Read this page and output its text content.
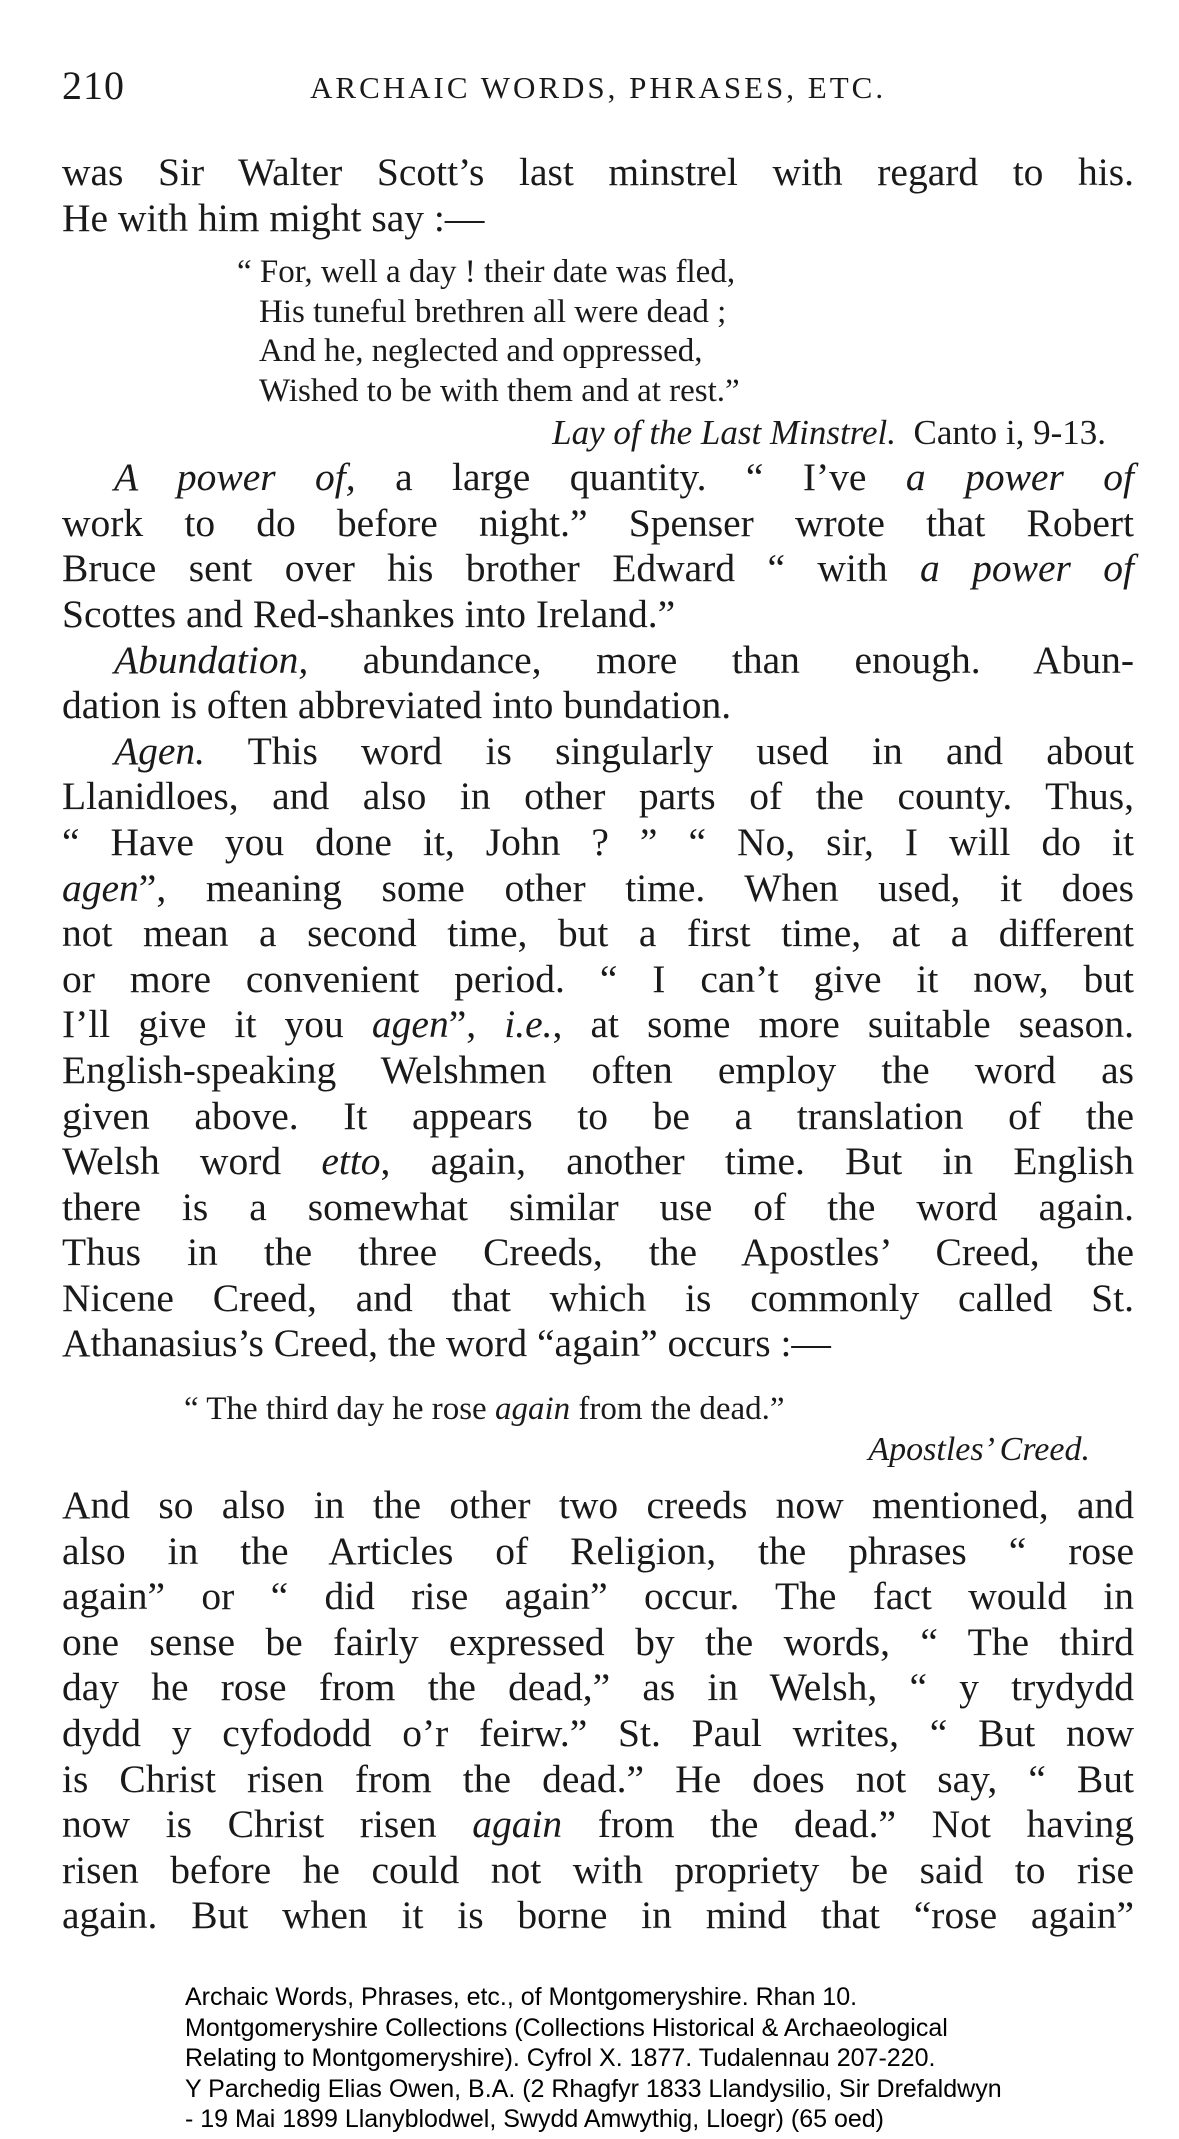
210	ARCHAIC WORDS, PHRASES, ETC.
was Sir Walter Scott’s last minstrel with regard to his.
He with him might say :—
“ For, well a day ! their date was fled,
His tuneful brethren all were dead ;
And he, neglected and oppressed,
Wished to be with them and at rest.”
Lay of the Last Minstrel. Canto i, 9-13.
A power of, a large quantity. “ I’ve a power of
work to do before night.” Spenser wrote that Robert
Bruce sent over his brother Edward “ with a power of
Scottes and Red-shankes into Ireland.”
Abundation, abundance, more than enough. Abun-
dation is often abbreviated into bundation.
Agen. This word is singularly used in and about
Llanidloes, and also in other parts of the county. Thus,
“ Have you done it, John ? ” “ No, sir, I will do it
agen”, meaning some other time. When used, it does
not mean a second time, but a first time, at a different
or more convenient period. “ I can’t give it now, but
I’ll give it you agen”, i.e., at some more suitable season.
English-speaking Welshmen often employ the word as
given above. It appears to be a translation of the
Welsh word etto, again, another time. But in English
there is a somewhat similar use of the word again.
Thus in the three Creeds, the Apostles’ Creed, the
Nicene Creed, and that which is commonly called St.
Athanasius’s Creed, the word “again” occurs :—
“ The third day he rose again from the dead.”
Apostles’ Creed.
And so also in the other two creeds now mentioned, and
also in the Articles of Religion, the phrases “ rose
again” or “ did rise again” occur. The fact would in
one sense be fairly expressed by the words, “ The third
day he rose from the dead,” as in Welsh, “ y trydydd
dydd y cyfododd o’r feirw.” St. Paul writes, “ But now
is Christ risen from the dead.” He does not say, “ But
now is Christ risen again from the dead.” Not having
risen before he could not with propriety be said to rise
again. But when it is borne in mind that “rose again”
Archaic Words, Phrases, etc., of Montgomeryshire. Rhan 10.
Montgomeryshire Collections (Collections Historical & Archaeological
Relating to Montgomeryshire). Cyfrol X. 1877. Tudalennau 207-220.
Y Parchedig Elias Owen, B.A. (2 Rhagfyr 1833 Llandysilio, Sir Drefaldwyn
- 19 Mai 1899 Llanyblodwel, Swydd Amwythig, Lloegr) (65 oed)
